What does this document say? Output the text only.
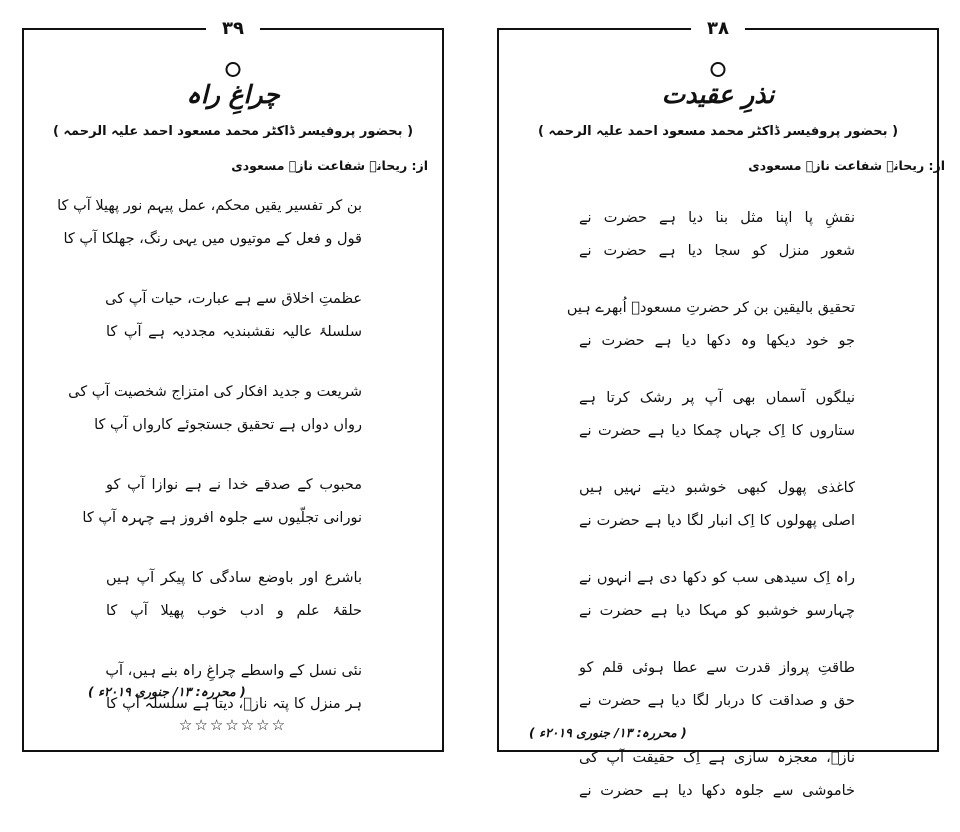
۳۹
چراغِ راہ
( بحضور پروفیسر ڈاکٹر محمد مسعود احمد علیہ الرحمہ )
از: ریحانہ شفاعت نازؔ مسعودی
بن کر تفسیر یقیں محکم، عمل پیہم نور پھیلا آپ کا
قول و فعل کے موتیوں میں یہی رنگ، جھلکا آپ کا
عظمتِ اخلاق سے ہے عبارت، حیات آپ کی
سلسلۂ عالیہ نقشبندیہ مجددیہ ہے آپ کا
شریعت و جدید افکار کی امتزاج شخصیت آپ کی
رواں دواں ہے تحقیق جستجوئے کارواں آپ کا
محبوب کے صدقے خدا نے ہے نوازا آپ کو
نورانی تجلّیوں سے جلوہ افروز ہے چہرہ آپ کا
باشرع اور باوضع سادگی کا پیکر آپ ہیں
حلقۂ علم و ادب خوب پھیلا آپ کا
نئی نسل کے واسطے چراغِ راہ بنے ہیں، آپ
ہر منزل کا پتہ نازؔ، دیتا ہے سلسلہ آپ کا
( محررہ: ۱۳/ جنوری ۲۰۱۹ء )
☆☆☆☆☆☆☆
۳۸
نذرِ عقیدت
( بحضور پروفیسر ڈاکٹر محمد مسعود احمد علیہ الرحمہ )
از: ریحانہ شفاعت نازؔ مسعودی
نقشِ پا اپنا مثل بنا دیا ہے حضرت نے
شعور منزل کو سجا دیا ہے حضرت نے
تحقیق بالیقین بن کر حضرتِ مسعودؔ اُبھرے ہیں
جو خود دیکھا وہ دکھا دیا ہے حضرت نے
نیلگوں آسماں بھی آپ پر رشک کرتا ہے
ستاروں کا اِک جہاں چمکا دیا ہے حضرت نے
کاغذی پھول کبھی خوشبو دیتے نہیں ہیں
اصلی پھولوں کا اِک انبار لگا دیا ہے حضرت نے
راہ اِک سیدھی سب کو دکھا دی ہے انہوں نے
چہارسو خوشبو کو مہکا دیا ہے حضرت نے
طاقتِ پرواز قدرت سے عطا ہوئی قلم کو
حق و صداقت کا دربار لگا دیا ہے حضرت نے
نازؔ، معجزہ سازی ہے اِک حقیقت آپ کی
خاموشی سے جلوہ دکھا دیا ہے حضرت نے
( محررہ: ۱۳/ جنوری ۲۰۱۹ء )
